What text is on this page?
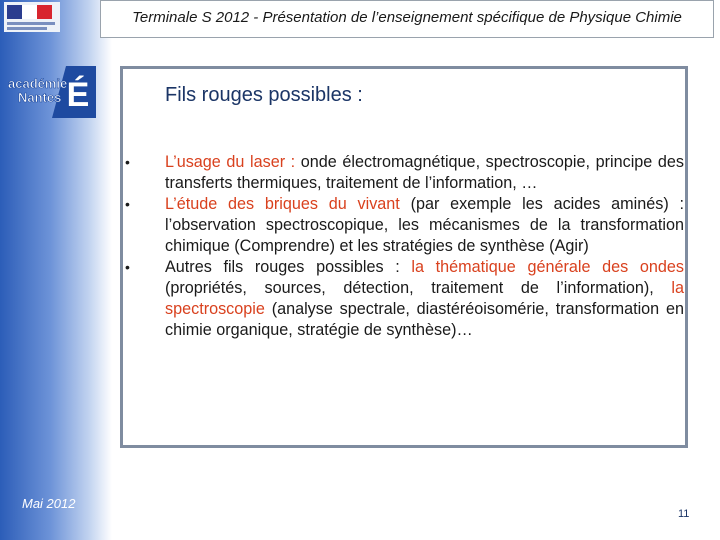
É
académie
Nantes
Terminale S 2012 - Présentation de l’enseignement spécifique de Physique Chimie
Fils rouges possibles :
• L’usage du laser : onde électromagnétique, spectroscopie, principe des transferts thermiques, traitement de l’information, …
• L’étude des briques du vivant (par exemple les acides aminés) : l’observation spectroscopique, les mécanismes de la transformation chimique (Comprendre) et les stratégies de synthèse (Agir)
• Autres fils rouges possibles : la thématique générale des ondes (propriétés, sources, détection, traitement de l’information), la spectroscopie (analyse spectrale, diastéréoisomérie, transformation en chimie organique, stratégie de synthèse)…
Mai 2012
11
